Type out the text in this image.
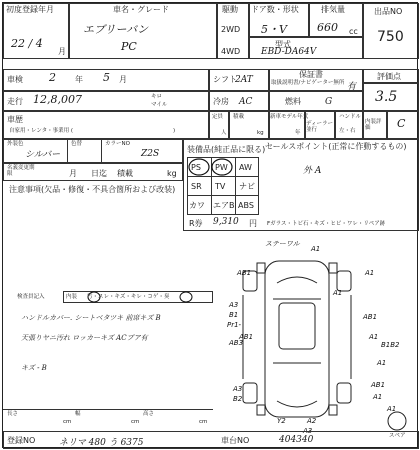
初度登録年月
22 / 4
月
車名・グレード
エブリーバン
PC
駆動
2WD
4WD
ドア数・形状
5・V
排気量
660 cc
出品NO
750
型式
EBD-DA64V
車検 2 年 5 月	シフト
2AT
保証書
取扱説明書/ナビゲーター無所 有
評価点
3.5
走行 12,8,007	キロ
マイル	冷房 AC	燃料	G
車歴
自家用・レンタ・事業用 (	)
定員
人
積載
kg
新車モデル年式
年
ディーラー並行
ハンドル
左・右
内装評価	C
外装色
シルバー
色替	カラーNO
Z2S
名義変更期限	月 日迄 積載	kg
注意事項(欠品・修復・不具合箇所および改装)
装備品(純正品に限る) セールスポイント(正常に作動するもの)
PS PW AW
SR TV ナビ
カワ エアB ABS
外 A
R券 9,310 円 Fガラス・トビ石・キズ・ヒビ・ワレ・リペア跡
検査員記入	内装 汚・スレ・キズ・キレ・コゲ・臭
ハンドルカバー. シートベタツキ 前席キズ B
天張りヤニ汚れ ロッカーキズ ACプア有
キズ - B
ステーワル
A1
AB1	A1
A1
A3
B1
Pr1-
AB1
AB1
AB3
A1
B1B2
A1
A3
B2
AB1
A1
Y2	A2
A3
A1
スペア
長さ
cm
幅
cm
高さ
cm
登録NO	ネリマ 480 う 6375	車台NO	404340
